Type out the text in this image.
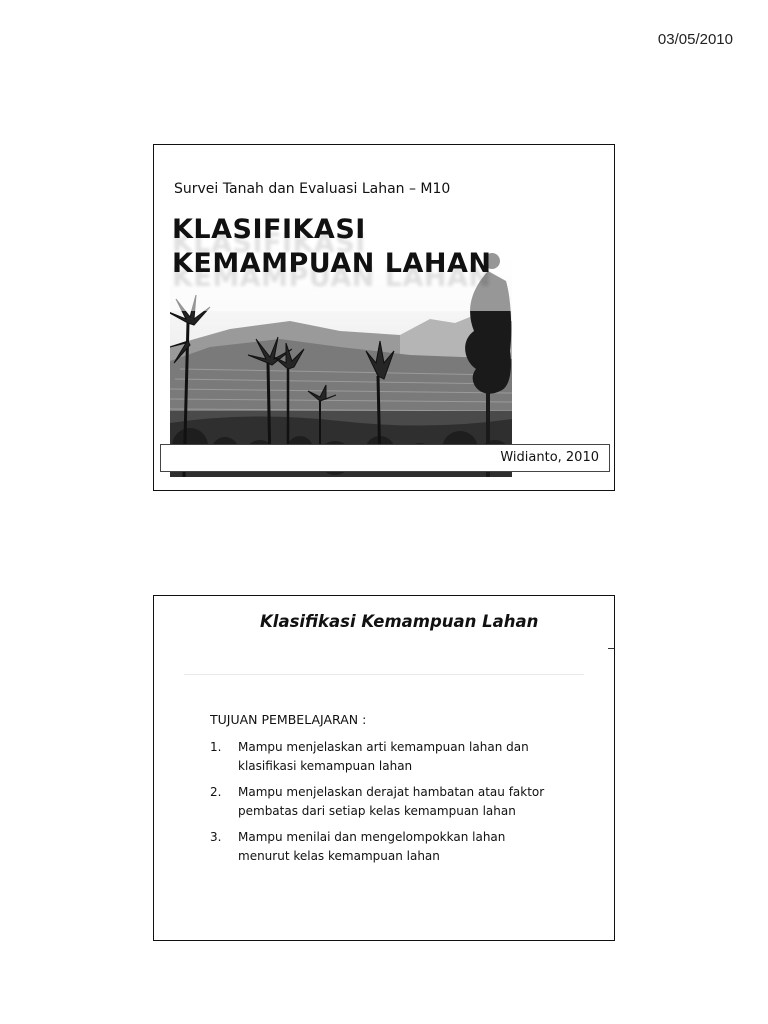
03/05/2010
Survei Tanah dan Evaluasi Lahan – M10
KLASIFIKASI
KEMAMPUAN LAHAN
Widianto, 2010
Klasifikasi Kemampuan Lahan
TUJUAN PEMBELAJARAN :
1.	Mampu menjelaskan arti kemampuan lahan dan
klasifikasi kemampuan lahan
2.	Mampu menjelaskan derajat hambatan atau faktor
pembatas dari setiap kelas kemampuan lahan
3.	Mampu menilai dan mengelompokkan lahan
menurut kelas kemampuan lahan
